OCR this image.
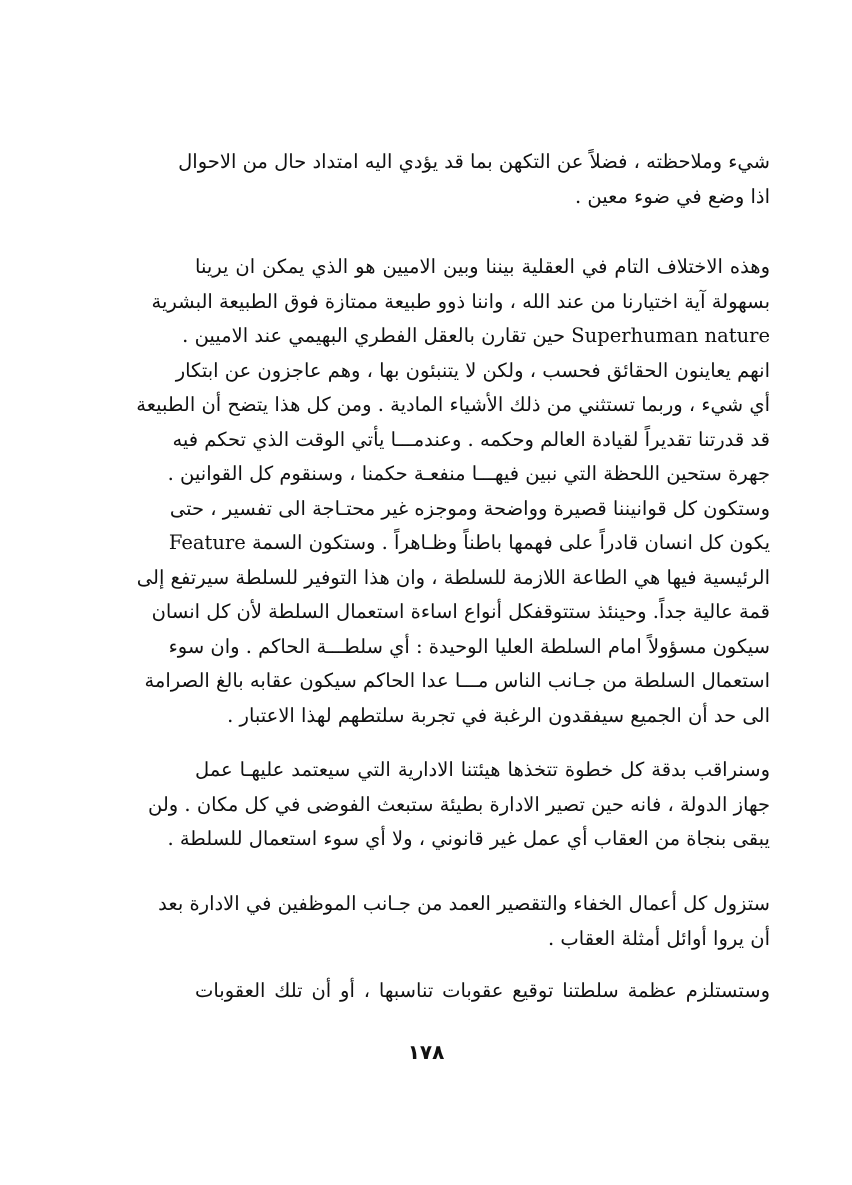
شيء وملاحظته ، فضلاً عن التكهن بما قد يؤدي اليه امتداد حال من الاحوال
اذا وضع في ضوء معين .
وهذه الاختلاف التام في العقلية بيننا وبين الاميين هو الذي يمكن ان يرينا
بسهولة آية اختيارنا من عند الله ، واننا ذوو طبيعة ممتازة فوق الطبيعة البشرية
Superhuman nature حين تقارن بالعقل الفطري البهيمي عند الاميين .
انهم يعاينون الحقائق فحسب ، ولكن لا يتنبئون بها ، وهم عاجزون عن ابتكار
أي شيء ، وربما تستثني من ذلك الأشياء المادية . ومن كل هذا يتضح أن الطبيعة
قد قدرتنا تقديراً لقيادة العالم وحكمه . وعندمـــا يأتي الوقت الذي تحكم فيه
جهرة ستحين اللحظة التي نبين فيهـــا منفعـة حكمنا ، وسنقوم كل القوانين .
وستكون كل قوانيننا قصيرة وواضحة وموجزه غير محتـاجة الى تفسير ، حتى
يكون كل انسان قادراً على فهمها باطناً وظـاهراً . وستكون السمة Feature
الرئيسية فيها هي الطاعة اللازمة للسلطة ، وان هذا التوفير للسلطة سيرتفع إلى
قمة عالية جداً. وحينئذ ستتوقفكل أنواع اساءة استعمال السلطة لأن كل انسان
سيكون مسؤولاً امام السلطة العليا الوحيدة : أي سلطـــة الحاكم . وان سوء
استعمال السلطة من جـانب الناس مـــا عدا الحاكم سيكون عقابه بالغ الصرامة
الى حد أن الجميع سيفقدون الرغبة في تجربة سلتطهم لهذا الاعتبار .
وسنراقب بدقة كل خطوة تتخذها هيئتنا الادارية التي سيعتمد عليهـا عمل
جهاز الدولة ، فانه حين تصير الادارة بطيئة ستبعث الفوضى في كل مكان . ولن
يبقى بنجاة من العقاب أي عمل غير قانوني ، ولا أي سوء استعمال للسلطة .
ستزول كل أعمال الخفاء والتقصير العمد من جـانب الموظفين في الادارة بعد
أن يروا أوائل أمثلة العقاب .
وستستلزم عظمة سلطتنا توقيع عقوبات تناسبها ، أو أن تلك العقوبات
١٧٨
